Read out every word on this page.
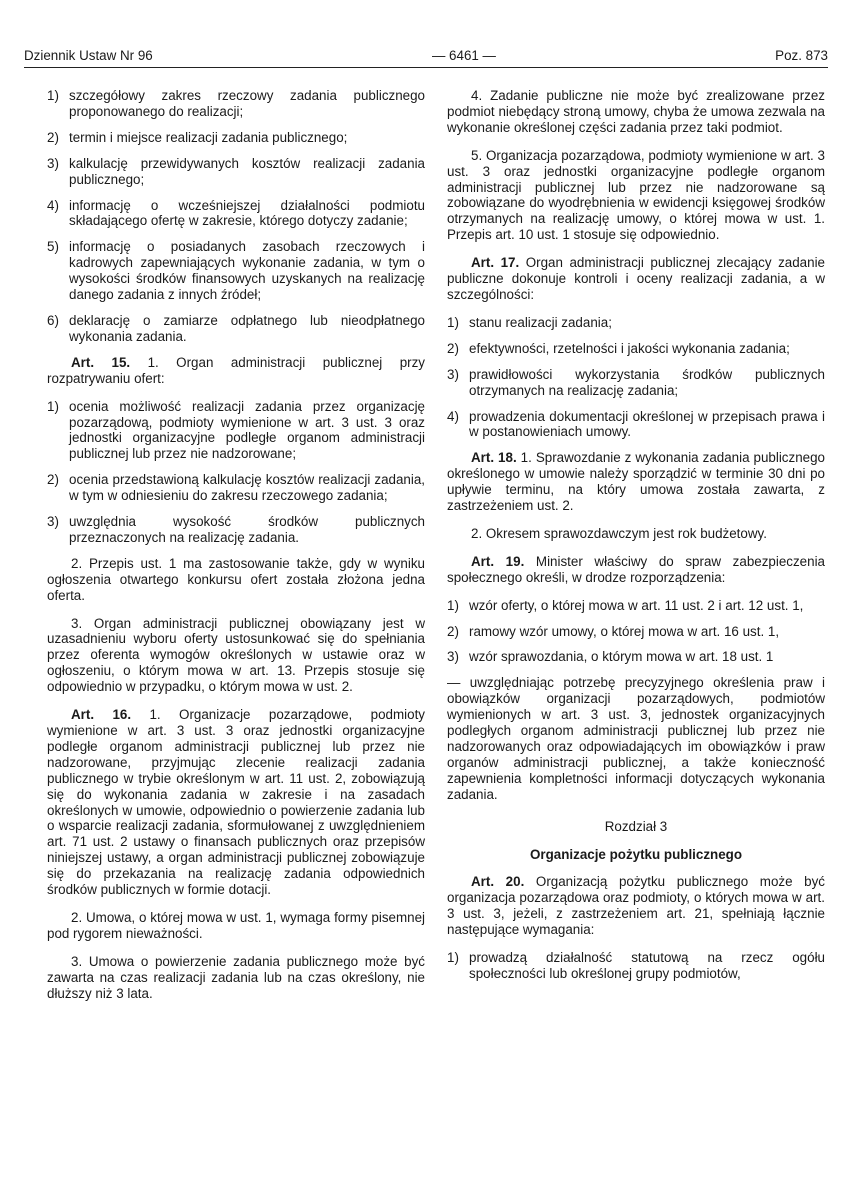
Dziennik Ustaw Nr 96	— 6461 —	Poz. 873
1) szczegółowy zakres rzeczowy zadania publicznego proponowanego do realizacji;
2) termin i miejsce realizacji zadania publicznego;
3) kalkulację przewidywanych kosztów realizacji zadania publicznego;
4) informację o wcześniejszej działalności podmiotu składającego ofertę w zakresie, którego dotyczy zadanie;
5) informację o posiadanych zasobach rzeczowych i kadrowych zapewniających wykonanie zadania, w tym o wysokości środków finansowych uzyskanych na realizację danego zadania z innych źródeł;
6) deklarację o zamiarze odpłatnego lub nieodpłatnego wykonania zadania.

Art. 15. 1. Organ administracji publicznej przy rozpatrywaniu ofert:

1) ocenia możliwość realizacji zadania przez organizację pozarządową, podmioty wymienione w art. 3 ust. 3 oraz jednostki organizacyjne podległe organom administracji publicznej lub przez nie nadzorowane;
2) ocenia przedstawioną kalkulację kosztów realizacji zadania, w tym w odniesieniu do zakresu rzeczowego zadania;
3) uwzględnia wysokość środków publicznych przeznaczonych na realizację zadania.

2. Przepis ust. 1 ma zastosowanie także, gdy w wyniku ogłoszenia otwartego konkursu ofert została złożona jedna oferta.

3. Organ administracji publicznej obowiązany jest w uzasadnieniu wyboru oferty ustosunkować się do spełniania przez oferenta wymogów określonych w ustawie oraz w ogłoszeniu, o którym mowa w art. 13. Przepis stosuje się odpowiednio w przypadku, o którym mowa w ust. 2.

Art. 16. 1. Organizacje pozarządowe, podmioty wymienione w art. 3 ust. 3 oraz jednostki organizacyjne podległe organom administracji publicznej lub przez nie nadzorowane, przyjmując zlecenie realizacji zadania publicznego w trybie określonym w art. 11 ust. 2, zobowiązują się do wykonania zadania w zakresie i na zasadach określonych w umowie, odpowiednio o powierzenie zadania lub o wsparcie realizacji zadania, sformułowanej z uwzględnieniem art. 71 ust. 2 ustawy o finansach publicznych oraz przepisów niniejszej ustawy, a organ administracji publicznej zobowiązuje się do przekazania na realizację zadania odpowiednich środków publicznych w formie dotacji.

2. Umowa, o której mowa w ust. 1, wymaga formy pisemnej pod rygorem nieważności.

3. Umowa o powierzenie zadania publicznego może być zawarta na czas realizacji zadania lub na czas określony, nie dłuższy niż 3 lata.

4. Zadanie publiczne nie może być zrealizowane przez podmiot niebędący stroną umowy, chyba że umowa zezwala na wykonanie określonej części zadania przez taki podmiot.

5. Organizacja pozarządowa, podmioty wymienione w art. 3 ust. 3 oraz jednostki organizacyjne podległe organom administracji publicznej lub przez nie nadzorowane są zobowiązane do wyodrębnienia w ewidencji księgowej środków otrzymanych na realizację umowy, o której mowa w ust. 1. Przepis art. 10 ust. 1 stosuje się odpowiednio.

Art. 17. Organ administracji publicznej zlecający zadanie publiczne dokonuje kontroli i oceny realizacji zadania, a w szczególności:

1) stanu realizacji zadania;
2) efektywności, rzetelności i jakości wykonania zadania;
3) prawidłowości wykorzystania środków publicznych otrzymanych na realizację zadania;
4) prowadzenia dokumentacji określonej w przepisach prawa i w postanowieniach umowy.

Art. 18. 1. Sprawozdanie z wykonania zadania publicznego określonego w umowie należy sporządzić w terminie 30 dni po upływie terminu, na który umowa została zawarta, z zastrzeżeniem ust. 2.

2. Okresem sprawozdawczym jest rok budżetowy.

Art. 19. Minister właściwy do spraw zabezpieczenia społecznego określi, w drodze rozporządzenia:

1) wzór oferty, o której mowa w art. 11 ust. 2 i art. 12 ust. 1,
2) ramowy wzór umowy, o której mowa w art. 16 ust. 1,
3) wzór sprawozdania, o którym mowa w art. 18 ust. 1

— uwzględniając potrzebę precyzyjnego określenia praw i obowiązków organizacji pozarządowych, podmiotów wymienionych w art. 3 ust. 3, jednostek organizacyjnych podległych organom administracji publicznej lub przez nie nadzorowanych oraz odpowiadających im obowiązków i praw organów administracji publicznej, a także konieczność zapewnienia kompletności informacji dotyczących wykonania zadania.

Rozdział 3

Organizacje pożytku publicznego

Art. 20. Organizacją pożytku publicznego może być organizacja pozarządowa oraz podmioty, o których mowa w art. 3 ust. 3, jeżeli, z zastrzeżeniem art. 21, spełniają łącznie następujące wymagania:

1) prowadzą działalność statutową na rzecz ogółu społeczności lub określonej grupy podmiotów,
